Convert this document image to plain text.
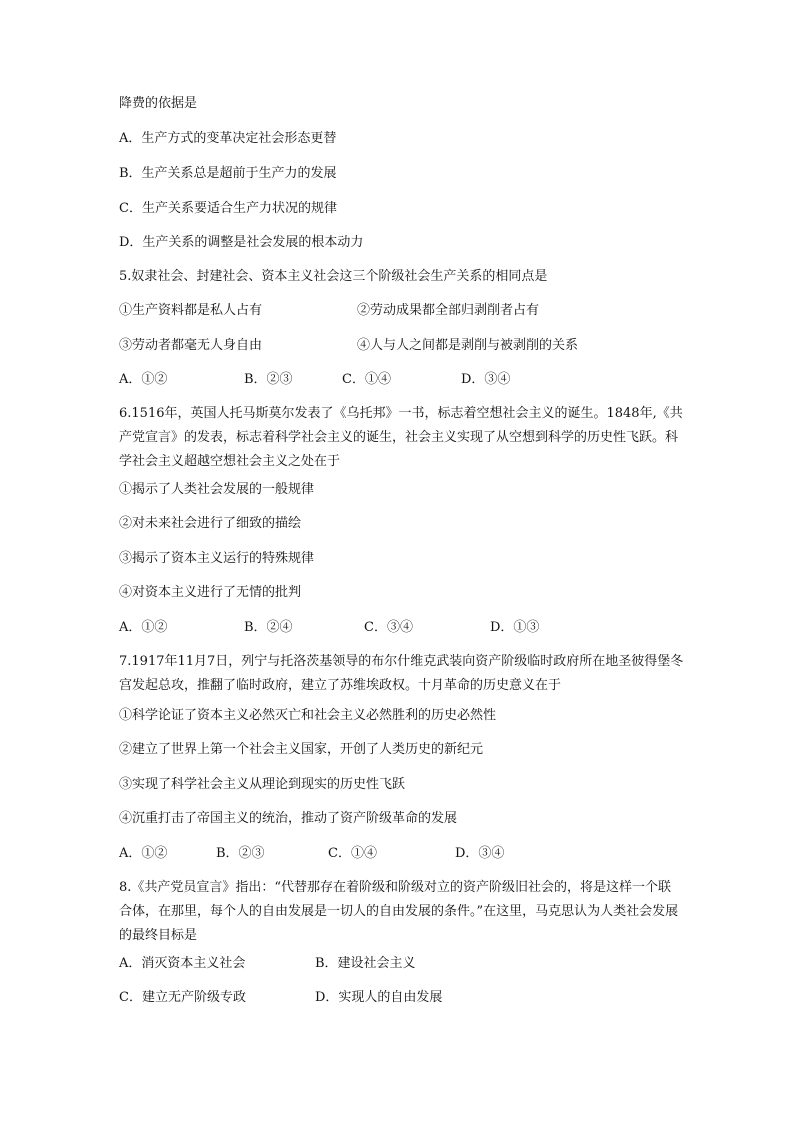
降费的依据是

A．生产方式的变革决定社会形态更替

B．生产关系总是超前于生产力的发展

C．生产关系要适合生产力状况的规律

D．生产关系的调整是社会发展的根本动力

5.奴隶社会、封建社会、资本主义社会这三个阶级社会生产关系的相同点是

①生产资料都是私人占有	②劳动成果都全部归剥削者占有
③劳动者都毫无人身自由	④人与人之间都是剥削与被剥削的关系
A．①②	B．②③	C．①④	D．③④

6.1516年，英国人托马斯莫尔发表了《乌托邦》一书，标志着空想社会主义的诞生。1848年,《共产党宣言》的发表，标志着科学社会主义的诞生，社会主义实现了从空想到科学的历史性飞跃。科学社会主义超越空想社会主义之处在于

①揭示了人类社会发展的一般规律

②对未来社会进行了细致的描绘

③揭示了资本主义运行的特殊规律

④对资本主义进行了无情的批判

A．①②	B．②④	C．③④	D．①③

7.1917年11月7日，列宁与托洛茨基领导的布尔什维克武装向资产阶级临时政府所在地圣彼得堡冬宫发起总攻，推翻了临时政府，建立了苏维埃政权。十月革命的历史意义在于

①科学论证了资本主义必然灭亡和社会主义必然胜利的历史必然性

②建立了世界上第一个社会主义国家，开创了人类历史的新纪元

③实现了科学社会主义从理论到现实的历史性飞跃

④沉重打击了帝国主义的统治，推动了资产阶级革命的发展

A．①②	B．②③	C．①④	D．③④

8.《共产党员宣言》指出：“代替那存在着阶级和阶级对立的资产阶级旧社会的，将是这样一个联合体，在那里，每个人的自由发展是一切人的自由发展的条件。”在这里，马克思认为人类社会发展的最终目标是

A．消灭资本主义社会	B．建设社会主义
C．建立无产阶级专政	D．实现人的自由发展
